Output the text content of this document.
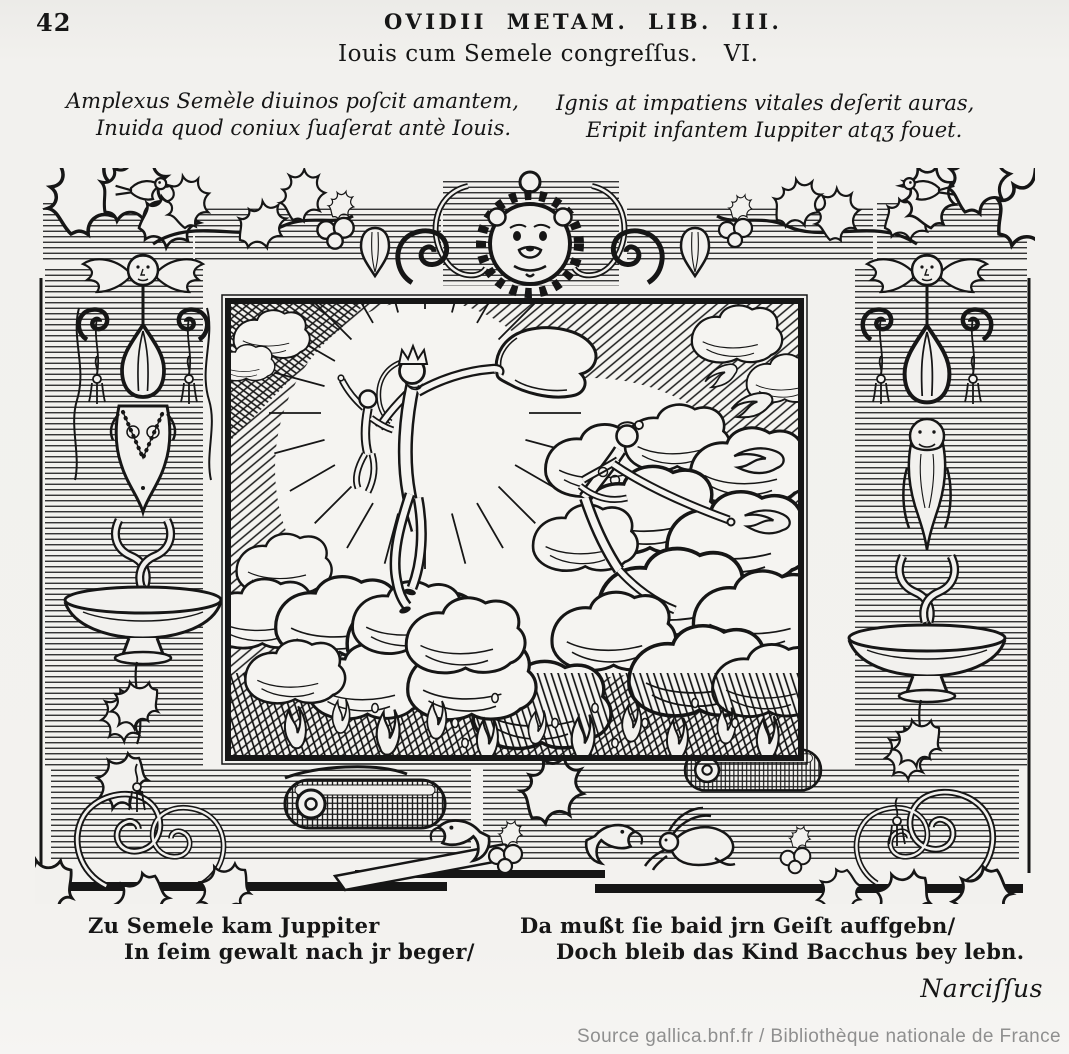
42	OVIDII METAM. LIB. III.
Iouis cum Semele congreſſus. VI.
Amplexus Semèle diuinos poſcit amantem,
Inuida quod coniux ſuaſerat antè Iouis.
Ignis at impatiens vitales deſerit auras,
Eripit infantem Iuppiter atqʒ fouet.
Zu Semele kam Juppiter
In ſeim gewalt nach jr beger/
Da mußt ſie baid jrn Geiſt auffgebn/
Doch bleib das Kind Bacchus bey lebn.
Narciſſus
Source gallica.bnf.fr / Bibliothèque nationale de France
